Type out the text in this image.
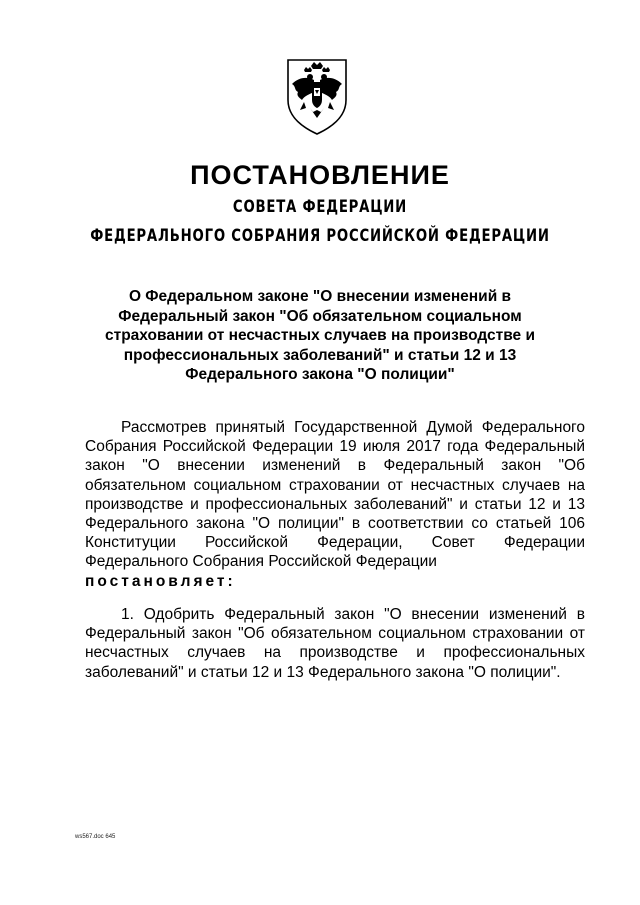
ПОСТАНОВЛЕНИЕ
СОВЕТА ФЕДЕРАЦИИ
ФЕДЕРАЛЬНОГО СОБРАНИЯ РОССИЙСКОЙ ФЕДЕРАЦИИ
О Федеральном законе "О внесении изменений в
Федеральный закон "Об обязательном социальном
страховании от несчастных случаев на производстве и
профессиональных заболеваний" и статьи 12 и 13
Федерального закона "О полиции"
Рассмотрев принятый Государственной Думой Федерального Собрания Российской Федерации 19 июля 2017 года Федеральный закон "О внесении изменений в Федеральный закон "Об обязательном социальном страховании от несчастных случаев на производстве и профессиональных заболеваний" и статьи 12 и 13 Федерального закона "О полиции" в соответствии со статьей 106 Конституции Российской Федерации, Совет Федерации Федерального Собрания Российской Федерации
постановляет:
1. Одобрить Федеральный закон "О внесении изменений в Федеральный закон "Об обязательном социальном страховании от несчастных случаев на производстве и профессиональных заболеваний" и статьи 12 и 13 Федерального закона "О полиции".
ws567.doc 645
